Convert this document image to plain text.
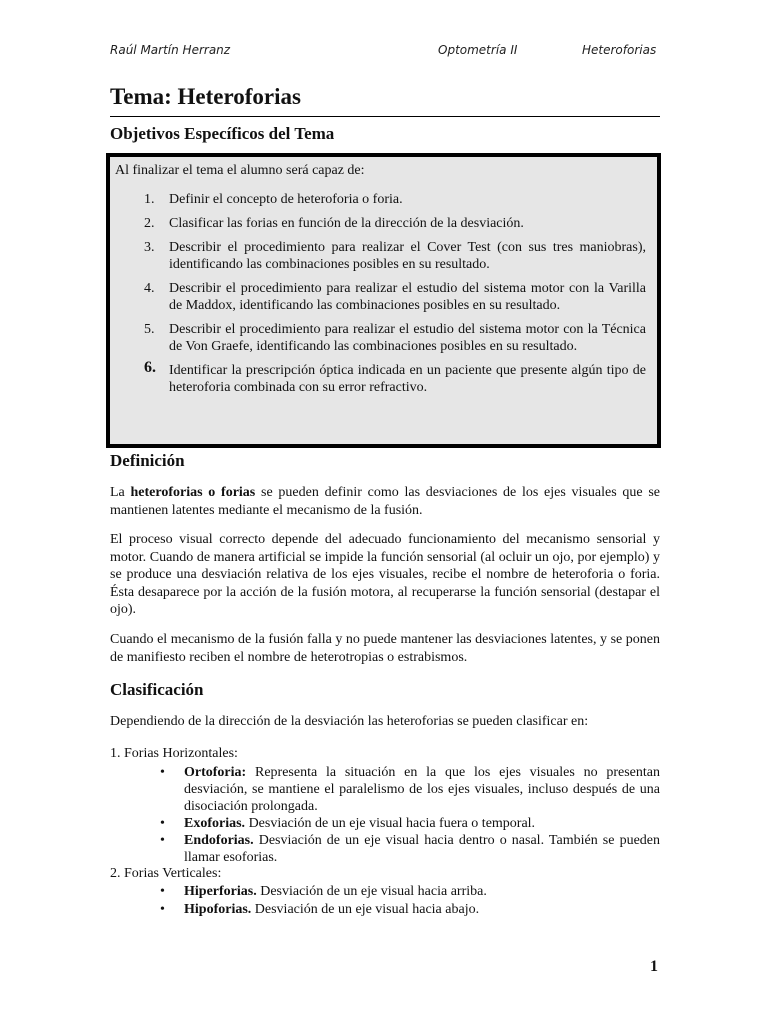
Raúl Martín Herranz	Optometría II	Heteroforias
Tema: Heteroforias
Objetivos Específicos del Tema

Al finalizar el tema el alumno será capaz de:

1. Definir el concepto de heteroforia o foria.
2. Clasificar las forias en función de la dirección de la desviación.
3. Describir el procedimiento para realizar el Cover Test (con sus tres maniobras), identificando las combinaciones posibles en su resultado.
4. Describir el procedimiento para realizar el estudio del sistema motor con la Varilla de Maddox, identificando las combinaciones posibles en su resultado.
5. Describir el procedimiento para realizar el estudio del sistema motor con la Técnica de Von Graefe, identificando las combinaciones posibles en su resultado.
6. Identificar la prescripción óptica indicada en un paciente que presente algún tipo de heteroforia combinada con su error refractivo.
Definición

La heteroforias o forias se pueden definir como las desviaciones de los ejes visuales que se mantienen latentes mediante el mecanismo de la fusión.

El proceso visual correcto depende del adecuado funcionamiento del mecanismo sensorial y motor. Cuando de manera artificial se impide la función sensorial (al ocluir un ojo, por ejemplo) y se produce una desviación relativa de los ejes visuales, recibe el nombre de heteroforia o foria. Ésta desaparece por la acción de la fusión motora, al recuperarse la función sensorial (destapar el ojo).

Cuando el mecanismo de la fusión falla y no puede mantener las desviaciones latentes, y se ponen de manifiesto reciben el nombre de heterotropias o estrabismos.

Clasificación

Dependiendo de la dirección de la desviación las heteroforias se pueden clasificar en:

1. Forias Horizontales:

•	Ortoforia: Representa la situación en la que los ejes visuales no presentan desviación, se mantiene el paralelismo de los ejes visuales, incluso después de una disociación prolongada.
•	Exoforias. Desviación de un eje visual hacia fuera o temporal.
•	Endoforias. Desviación de un eje visual hacia dentro o nasal. También se pueden llamar esoforias.

2. Forias Verticales:

•	Hiperforias. Desviación de un eje visual hacia arriba.
•	Hipoforias. Desviación de un eje visual hacia abajo.
1
